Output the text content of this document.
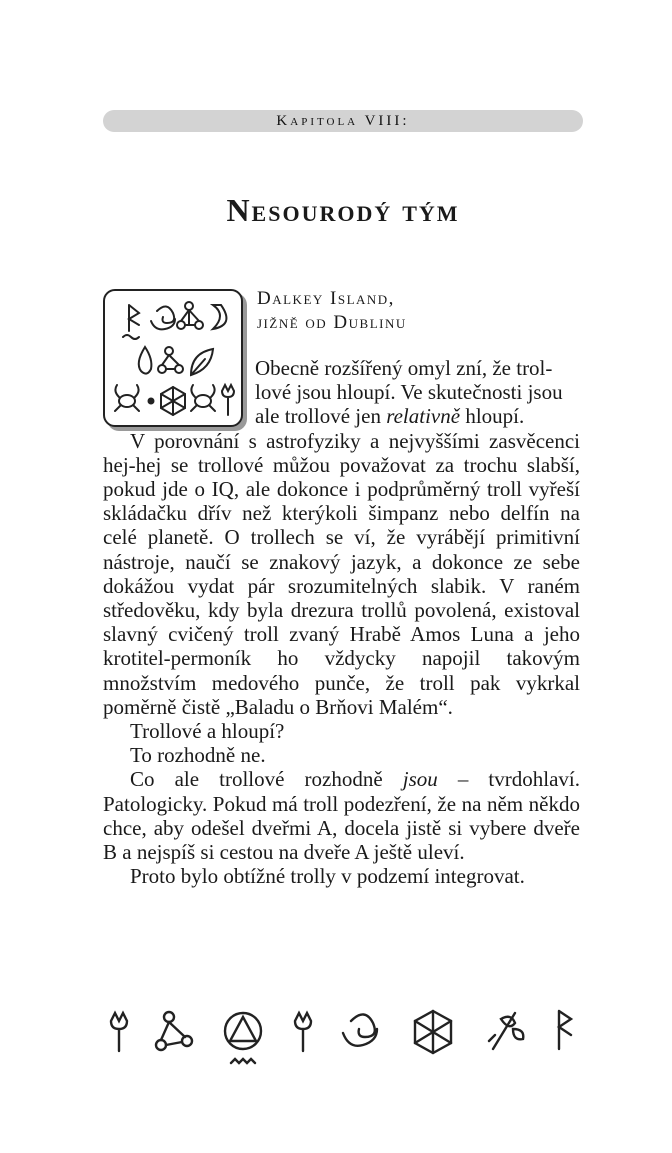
Kapitola VIII:
Nesourodý tým
Dalkey Island,
jižně od Dublinu

Obecně rozšířený omyl zní, že trol-

lové jsou hloupí. Ve skutečnosti jsou

ale trollové jen relativně hloupí.

V porovnání s astrofyziky a nejvyššími zasvěcenci hej-hej se trollové můžou považovat za trochu slabší, pokud jde o IQ, ale dokonce i podprůměrný troll vyřeší skládačku dřív než kterýkoli šimpanz nebo delfín na celé planetě. O trollech se ví, že vyrábějí primitivní nástroje, naučí se znakový jazyk, a dokonce ze sebe dokážou vydat pár srozumitelných slabik. V raném středověku, kdy byla drezura trollů povolená, existoval slavný cvičený troll zvaný Hrabě Amos Luna a jeho krotitel-permoník ho vždycky napojil takovým množstvím medového punče, že troll pak vykrkal poměrně čistě „Baladu o Brňovi Malém“.

Trollové a hloupí?

To rozhodně ne.

Co ale trollové rozhodně jsou – tvrdohlaví. Patologicky. Pokud má troll podezření, že na něm někdo chce, aby odešel dveřmi A, docela jistě si vybere dveře B a nejspíš si cestou na dveře A ještě uleví.

Proto bylo obtížné trolly v podzemí integrovat.
